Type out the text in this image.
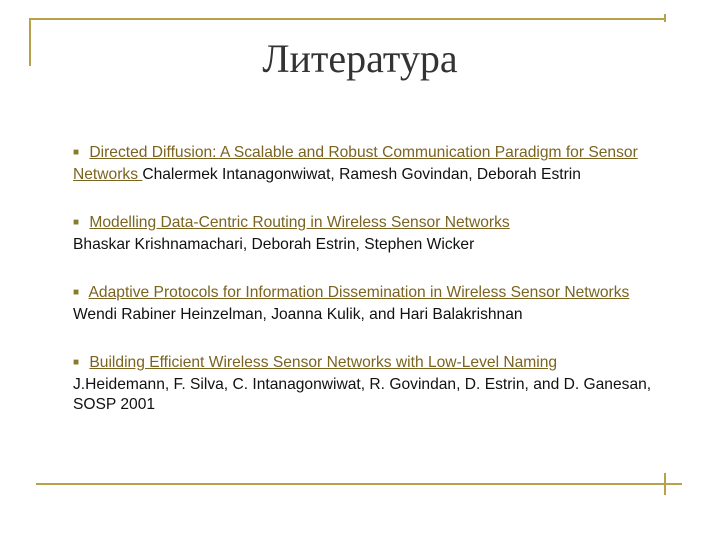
Литература
■ Directed Diffusion: A Scalable and Robust Communication Paradigm for Sensor Networks Chalermek Intanagonwiwat, Ramesh Govindan, Deborah Estrin
■ Modelling Data-Centric Routing in Wireless Sensor Networks
Bhaskar Krishnamachari, Deborah Estrin, Stephen Wicker
■ Adaptive Protocols for Information Dissemination in Wireless Sensor Networks Wendi Rabiner Heinzelman, Joanna Kulik, and Hari Balakrishnan
■ Building Efficient Wireless Sensor Networks with Low-Level Naming
J.Heidemann, F. Silva, C. Intanagonwiwat, R. Govindan, D. Estrin, and D. Ganesan, SOSP 2001
